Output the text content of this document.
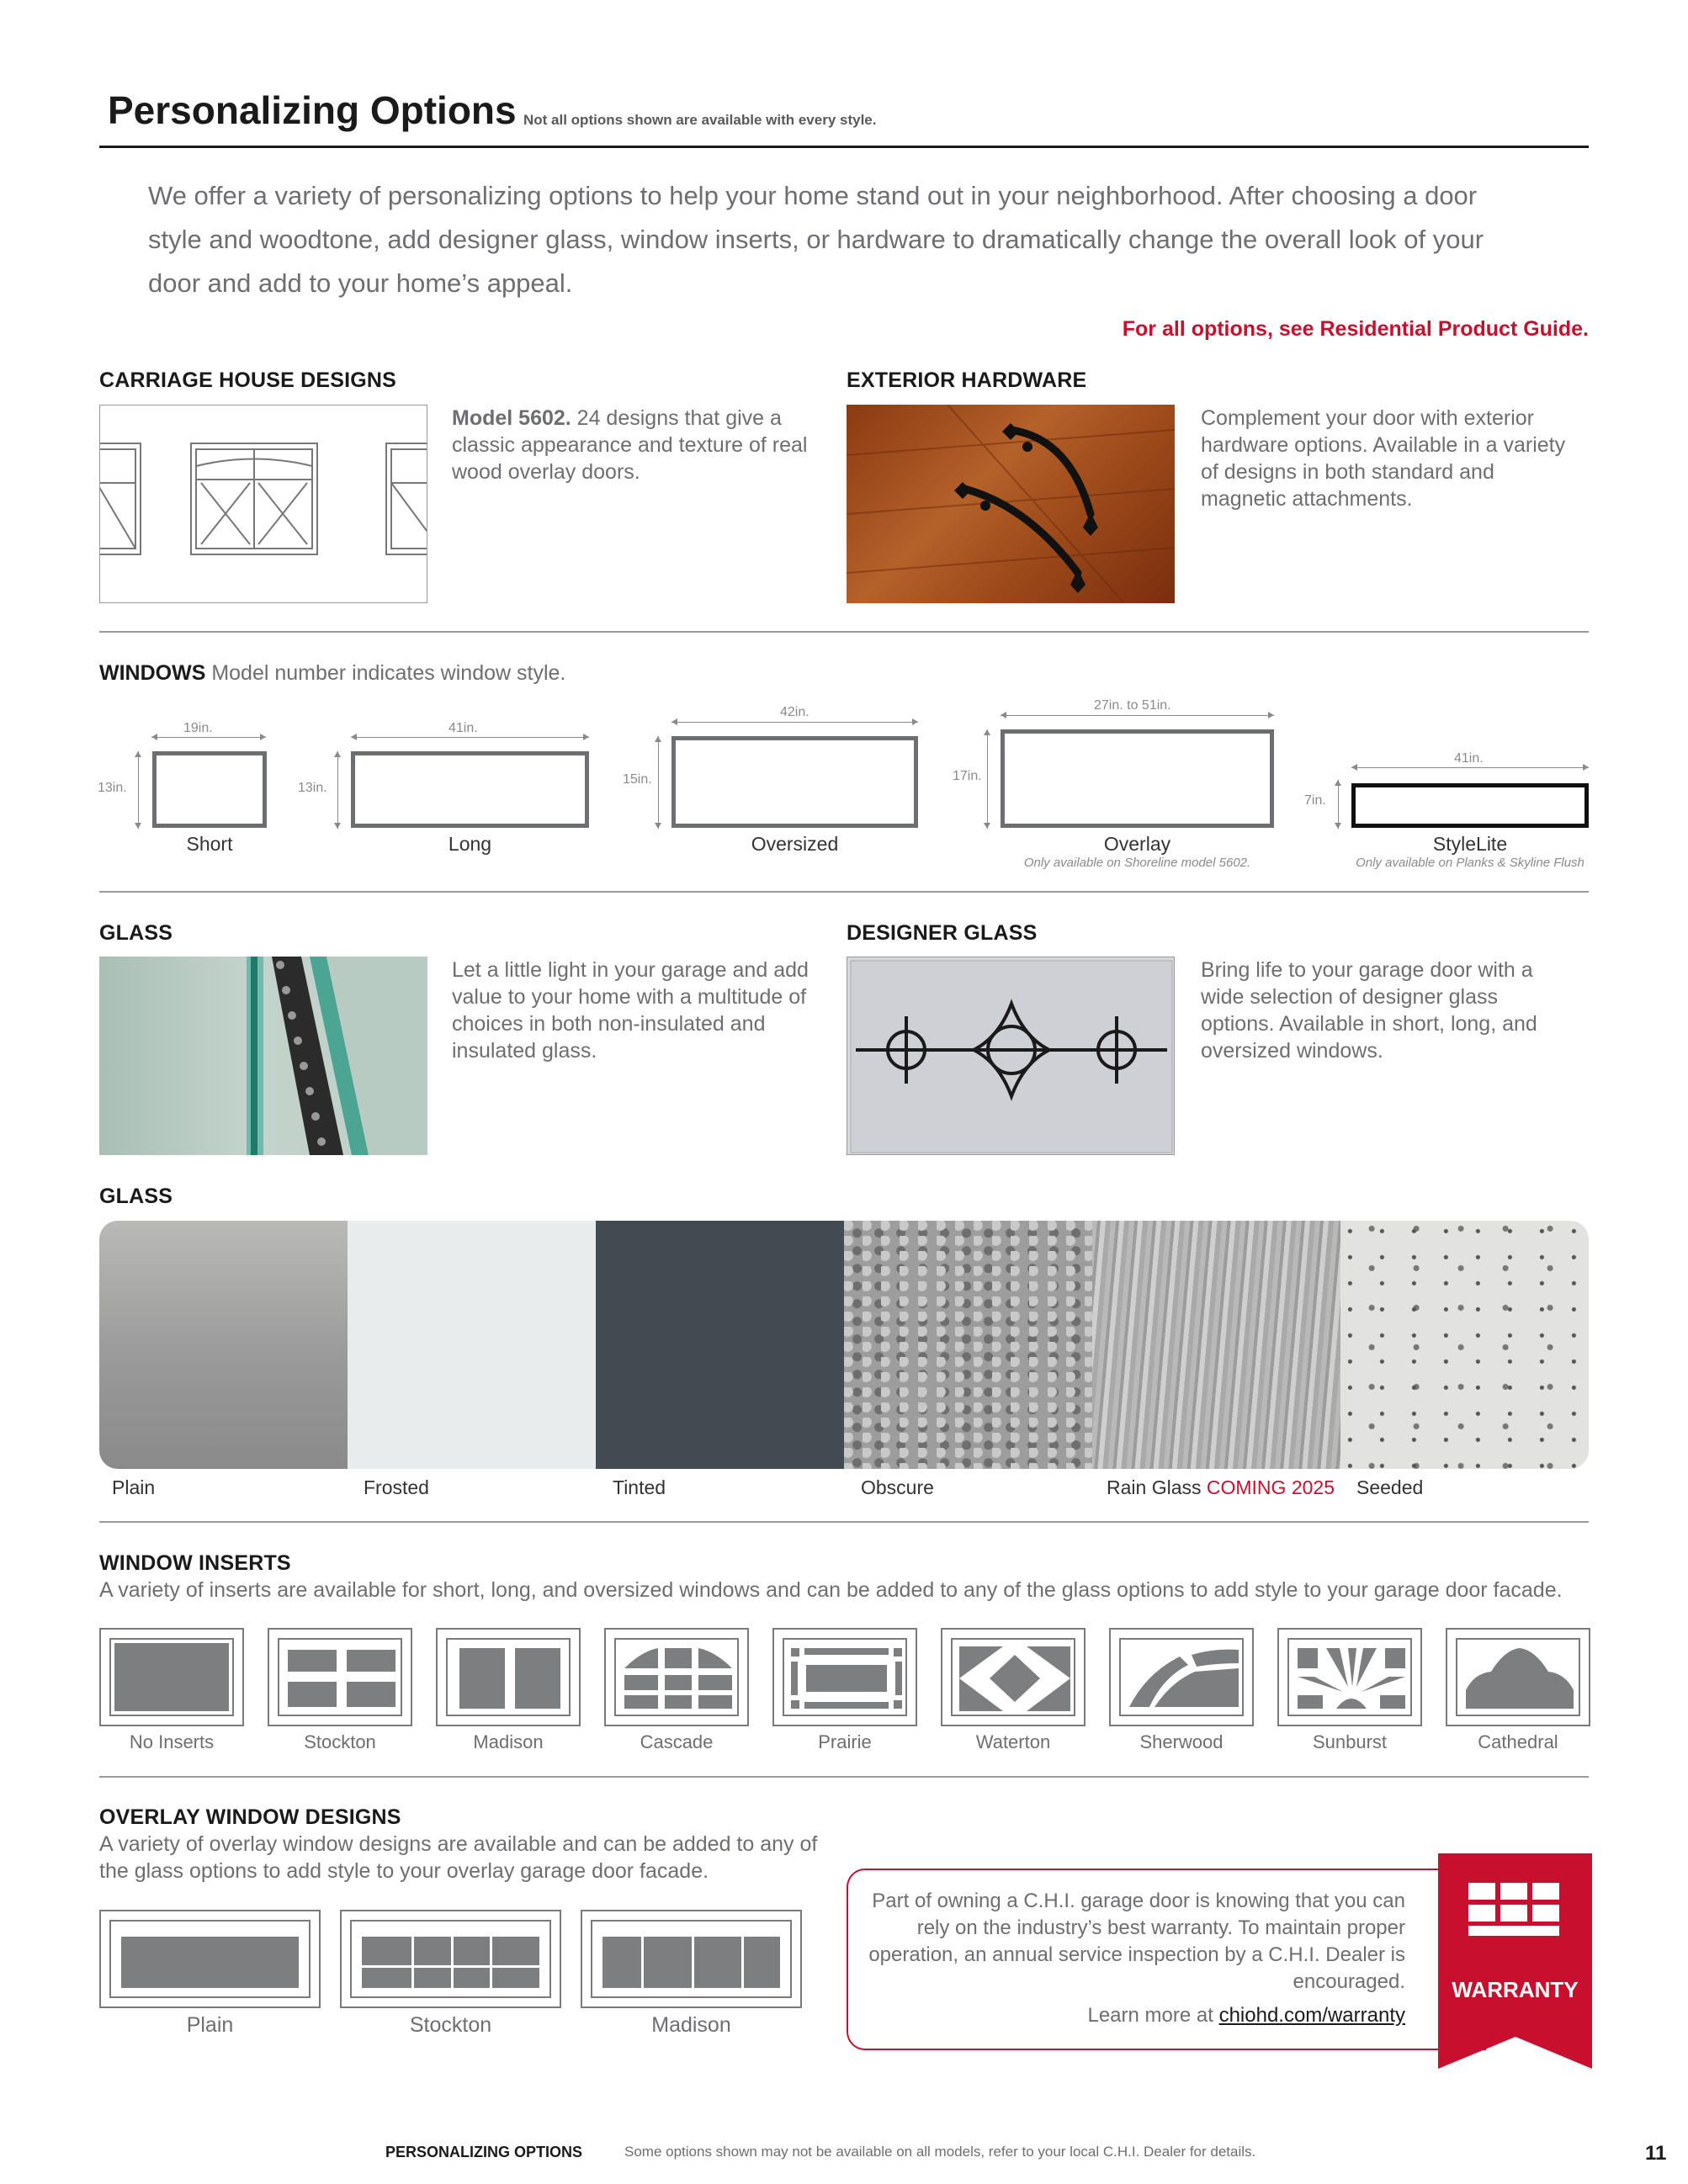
Personalizing Options Not all options shown are available with every style.
We offer a variety of personalizing options to help your home stand out in your neighborhood. After choosing a door style and woodtone, add designer glass, window inserts, or hardware to dramatically change the overall look of your door and add to your home’s appeal.
For all options, see Residential Product Guide.
CARRIAGE HOUSE DESIGNS
Model 5602. 24 designs that give a classic appearance and texture of real wood overlay doors.
EXTERIOR HARDWARE
Complement your door with exterior hardware options. Available in a variety of designs in both standard and magnetic attachments.
WINDOWS Model number indicates window style.
19in.
13in.
Short
41in.
13in.
Long
42in.
15in.
Oversized
27in. to 51in.
17in.
Overlay
Only available on Shoreline model 5602.
41in.
7in.
StyleLite
Only available on Planks & Skyline Flush
GLASS
Let a little light in your garage and add value to your home with a multitude of choices in both non-insulated and insulated glass.
DESIGNER GLASS
Bring life to your garage door with a wide selection of designer glass options. Available in short, long, and oversized windows.
GLASS
Plain	Frosted	Tinted	Obscure	Rain Glass COMING 2025 Seeded
WINDOW INSERTS
A variety of inserts are available for short, long, and oversized windows and can be added to any of the glass options to add style to your garage door facade.
No Inserts	Stockton	Madison	Cascade	Prairie	Waterton	Sherwood	Sunburst	Cathedral
OVERLAY WINDOW DESIGNS
A variety of overlay window designs are available and can be added to any of the glass options to add style to your overlay garage door facade.
Plain	Stockton	Madison
Part of owning a C.H.I. garage door is knowing that you can rely on the industry’s best warranty. To maintain proper operation, an annual service inspection by a C.H.I. Dealer is encouraged.
Learn more at chiohd.com/warranty
WARRANTY
PERSONALIZING OPTIONS	Some options shown may not be available on all models, refer to your local C.H.I. Dealer for details.	11
